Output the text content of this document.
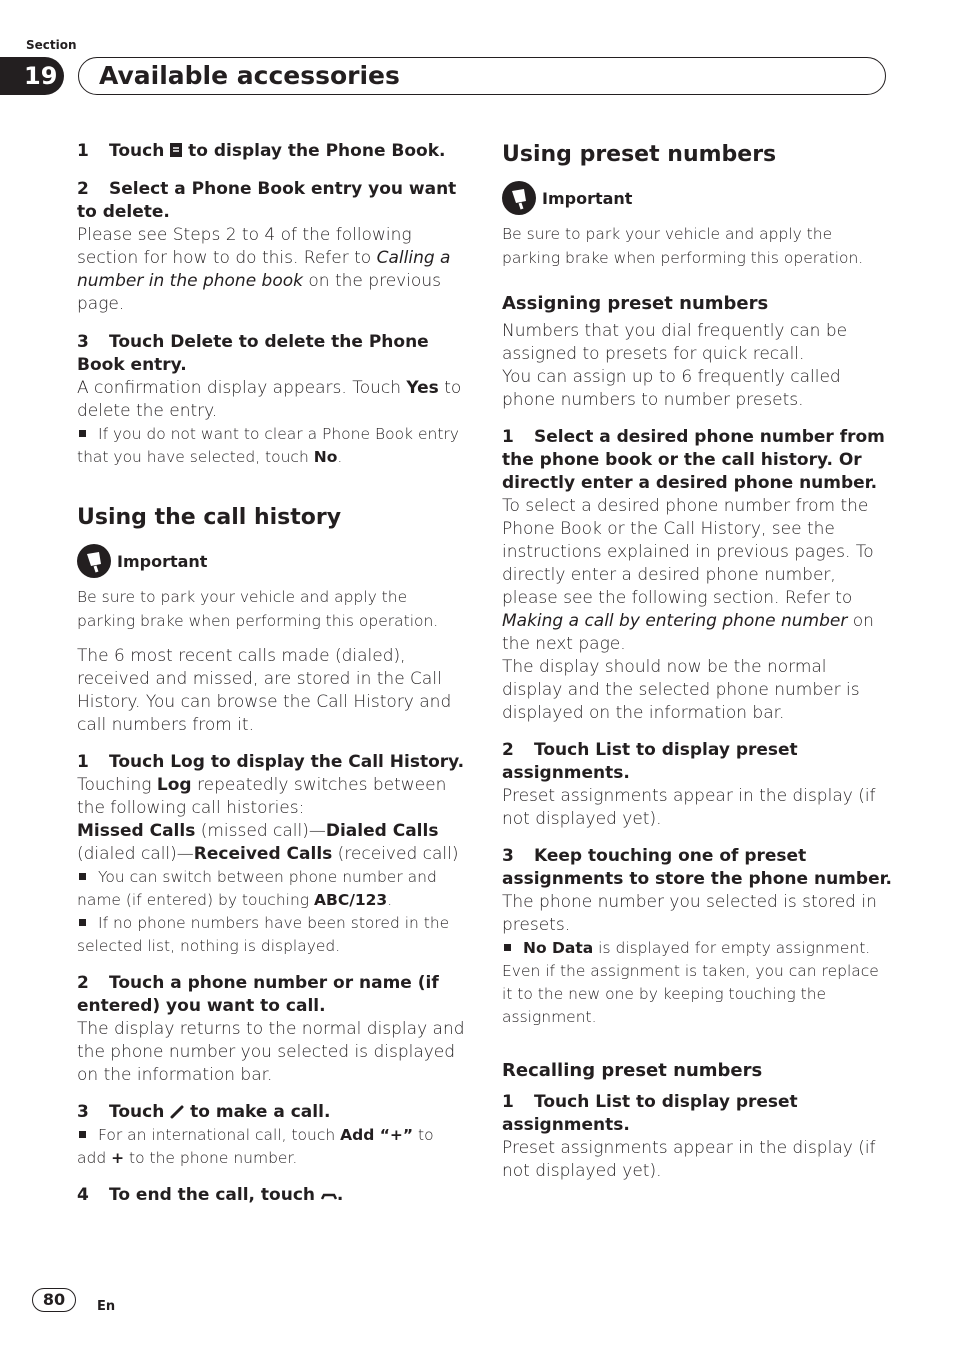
Section
19 Available accessories

1 Touch  to display the Phone Book.

2 Select a Phone Book entry you want to delete.

Please see Steps 2 to 4 of the following section for how to do this. Refer to Calling a number in the phone book on the previous page.

3 Touch Delete to delete the Phone Book entry.

A confirmation display appears. Touch Yes to delete the entry.

If you do not want to clear a Phone Book entry that you have selected, touch No.

Using the call history

Important

Be sure to park your vehicle and apply the parking brake when performing this operation.

The 6 most recent calls made (dialed), received and missed, are stored in the Call History. You can browse the Call History and call numbers from it.

1 Touch Log to display the Call History.

Touching Log repeatedly switches between the following call histories:

Missed Calls (missed call)—Dialed Calls (dialed call)—Received Calls (received call)

You can switch between phone number and name (if entered) by touching ABC/123.

If no phone numbers have been stored in the selected list, nothing is displayed.

2 Touch a phone number or name (if entered) you want to call.

The display returns to the normal display and the phone number you selected is displayed on the information bar.

3 Touch  to make a call.

For an international call, touch Add “+” to add + to the phone number.

4 To end the call, touch .

Using preset numbers

Important

Be sure to park your vehicle and apply the parking brake when performing this operation.

Assigning preset numbers

Numbers that you dial frequently can be assigned to presets for quick recall.

You can assign up to 6 frequently called phone numbers to number presets.

1 Select a desired phone number from the phone book or the call history. Or directly enter a desired phone number.

To select a desired phone number from the Phone Book or the Call History, see the instructions explained in previous pages. To directly enter a desired phone number, please see the following section. Refer to Making a call by entering phone number on the next page.

The display should now be the normal display and the selected phone number is displayed on the information bar.

2 Touch List to display preset assignments.

Preset assignments appear in the display (if not displayed yet).

3 Keep touching one of preset assignments to store the phone number.

The phone number you selected is stored in presets.

No Data is displayed for empty assignment. Even if the assignment is taken, you can replace it to the new one by keeping touching the assignment.

Recalling preset numbers

1 Touch List to display preset assignments.

Preset assignments appear in the display (if not displayed yet).

80	En
